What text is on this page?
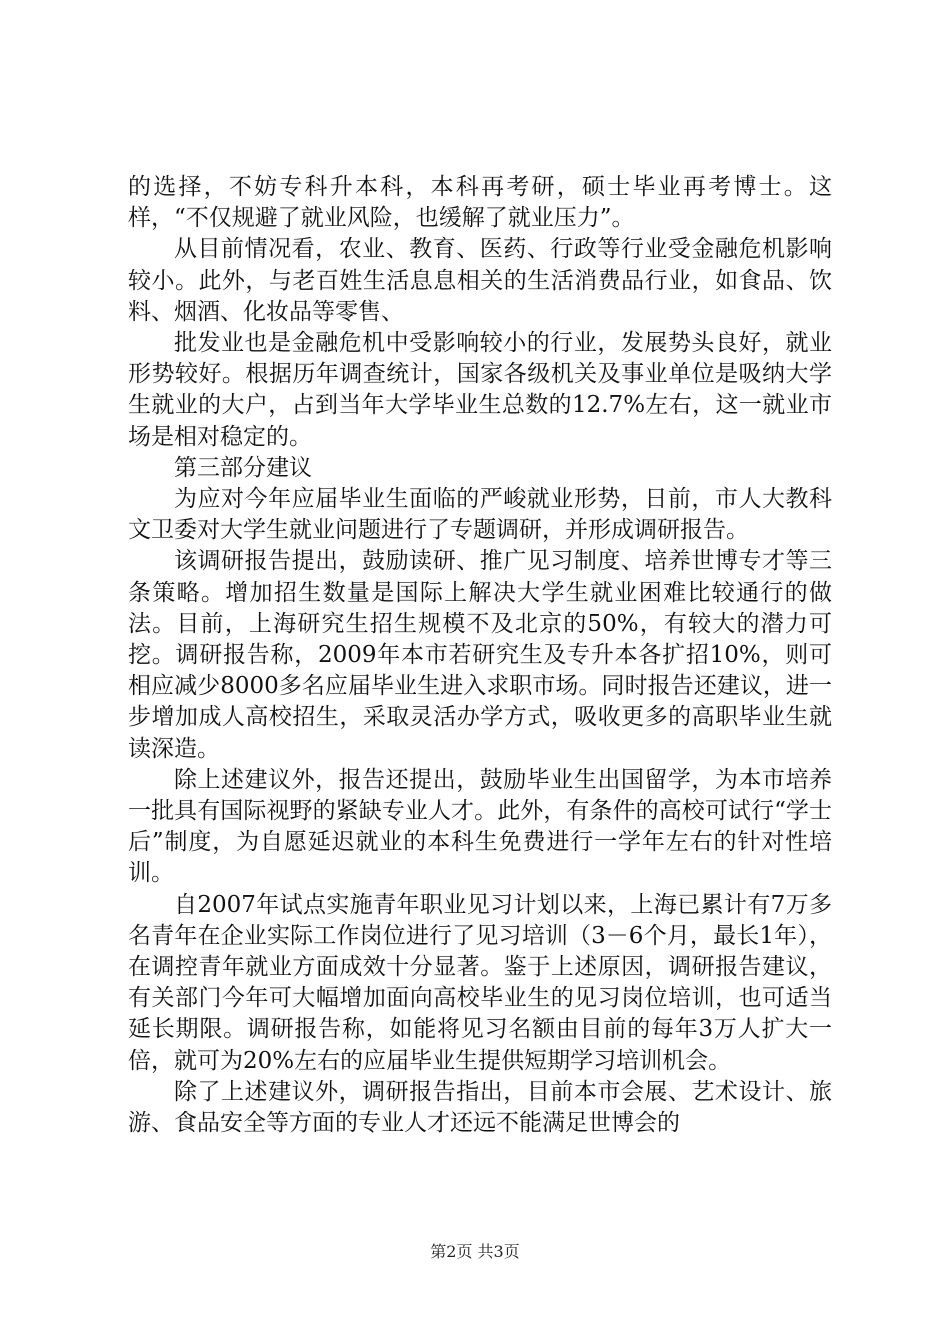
的选择，不妨专科升本科，本科再考研，硕士毕业再考博士。这样，“不仅规避了就业风险，也缓解了就业压力”。

从目前情况看，农业、教育、医药、行政等行业受金融危机影响较小。此外，与老百姓生活息息相关的生活消费品行业，如食品、饮料、烟酒、化妆品等零售、

批发业也是金融危机中受影响较小的行业，发展势头良好，就业形势较好。根据历年调查统计，国家各级机关及事业单位是吸纳大学生就业的大户，占到当年大学毕业生总数的12.7%左右，这一就业市场是相对稳定的。

第三部分建议

为应对今年应届毕业生面临的严峻就业形势，日前，市人大教科文卫委对大学生就业问题进行了专题调研，并形成调研报告。

该调研报告提出，鼓励读研、推广见习制度、培养世博专才等三条策略。增加招生数量是国际上解决大学生就业困难比较通行的做法。目前，上海研究生招生规模不及北京的50%，有较大的潜力可挖。调研报告称，2009年本市若研究生及专升本各扩招10%，则可相应减少8000多名应届毕业生进入求职市场。同时报告还建议，进一步增加成人高校招生，采取灵活办学方式，吸收更多的高职毕业生就读深造。

除上述建议外，报告还提出，鼓励毕业生出国留学，为本市培养一批具有国际视野的紧缺专业人才。此外，有条件的高校可试行“学士后”制度，为自愿延迟就业的本科生免费进行一学年左右的针对性培训。

自2007年试点实施青年职业见习计划以来，上海已累计有7万多名青年在企业实际工作岗位进行了见习培训（3－6个月，最长1年），在调控青年就业方面成效十分显著。鉴于上述原因，调研报告建议，有关部门今年可大幅增加面向高校毕业生的见习岗位培训，也可适当延长期限。调研报告称，如能将见习名额由目前的每年3万人扩大一倍，就可为20%左右的应届毕业生提供短期学习培训机会。

除了上述建议外，调研报告指出，目前本市会展、艺术设计、旅游、食品安全等方面的专业人才还远不能满足世博会的

第2页 共3页
